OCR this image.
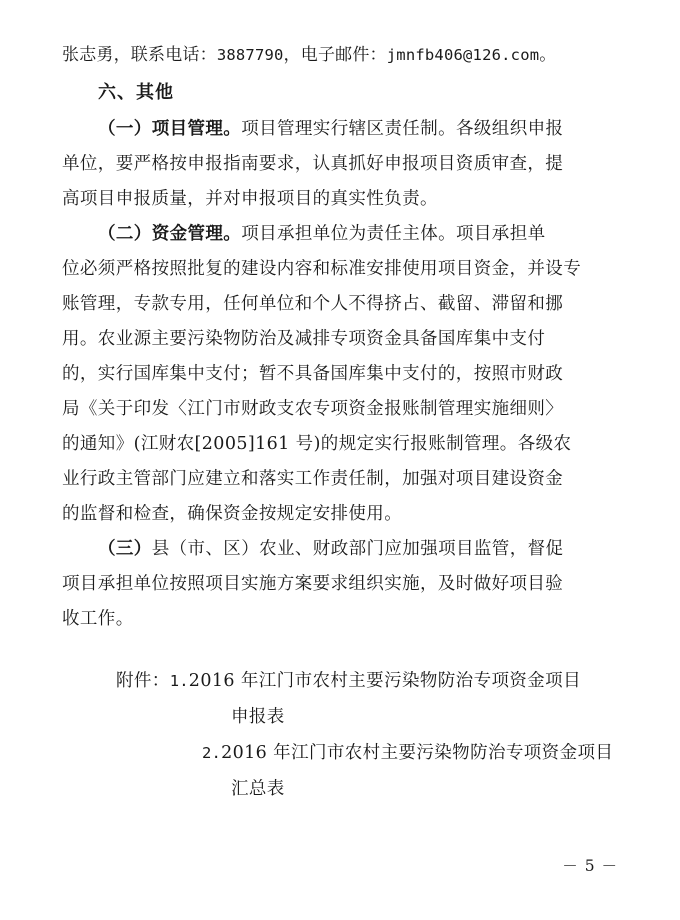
张志勇，联系电话：3887790，电子邮件：jmnfb406@126.com。
六、其他
（一）项目管理。项目管理实行辖区责任制。各级组织申报
单位，要严格按申报指南要求，认真抓好申报项目资质审查，提
高项目申报质量，并对申报项目的真实性负责。
（二）资金管理。项目承担单位为责任主体。项目承担单
位必须严格按照批复的建设内容和标准安排使用项目资金，并设专
账管理，专款专用，任何单位和个人不得挤占、截留、滞留和挪
用。农业源主要污染物防治及减排专项资金具备国库集中支付
的，实行国库集中支付；暂不具备国库集中支付的，按照市财政
局《关于印发〈江门市财政支农专项资金报账制管理实施细则〉
的通知》(江财农[2005]161 号)的规定实行报账制管理。各级农
业行政主管部门应建立和落实工作责任制，加强对项目建设资金
的监督和检查，确保资金按规定安排使用。
（三）县（市、区）农业、财政部门应加强项目监管，督促
项目承担单位按照项目实施方案要求组织实施，及时做好项目验
收工作。
附件：1.2016 年江门市农村主要污染物防治专项资金项目
申报表
2.2016 年江门市农村主要污染物防治专项资金项目
汇总表
－ 5 －
